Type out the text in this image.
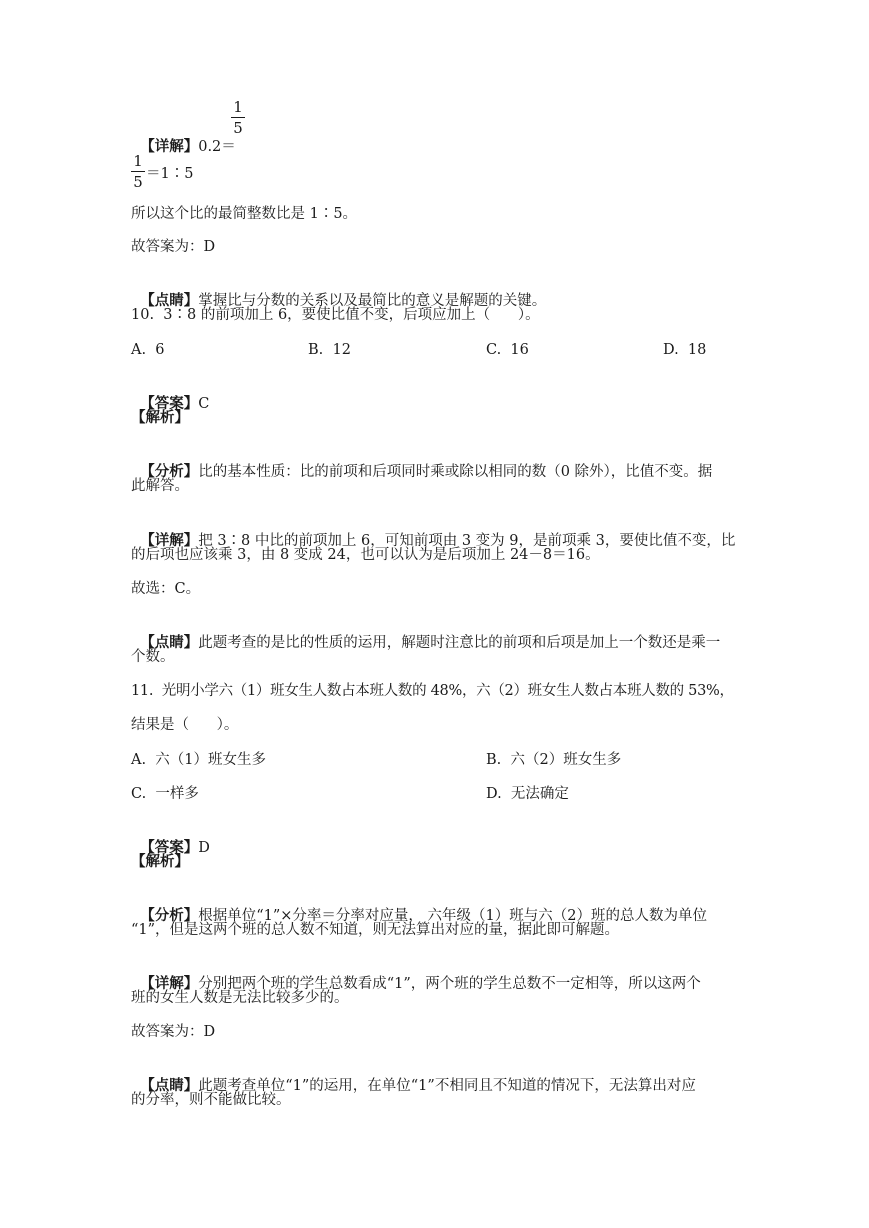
【详解】0.2＝

1
5
1
5 ＝1∶5
所以这个比的最简整数比是 1∶5。
故答案为：D

【点睛】掌握比与分数的关系以及最简比的意义是解题的关键。

10.  3∶8 的前项加上 6，要使比值不变，后项应加上（      ）。
A.  6	B.  12	C.  16	D.  18

【答案】C

【解析】

【分析】比的基本性质：比的前项和后项同时乘或除以相同的数（0 除外），比值不变。据

此解答。

【详解】把 3∶8 中比的前项加上 6，可知前项由 3 变为 9，是前项乘 3，要使比值不变，比

的后项也应该乘 3，由 8 变成 24，也可以认为是后项加上 24－8＝16。
故选：C。

【点睛】此题考查的是比的性质的运用，解题时注意比的前项和后项是加上一个数还是乘一

个数。
11.  光明小学六（1）班女生人数占本班人数的 48%，六（2）班女生人数占本班人数的 53%，
结果是（      ）。
A.  六（1）班女生多	B.  六（2）班女生多
C.  一样多	D.  无法确定

【答案】D

【解析】

【分析】根据单位“1”×分率＝分率对应量， 六年级（1）班与六（2）班的总人数为单位

“1”，但是这两个班的总人数不知道，则无法算出对应的量，据此即可解题。

【详解】分别把两个班的学生总数看成“1”，两个班的学生总数不一定相等，所以这两个

班的女生人数是无法比较多少的。
故答案为：D

【点睛】此题考查单位“1”的运用，在单位“1”不相同且不知道的情况下，无法算出对应

的分率，则不能做比较。
